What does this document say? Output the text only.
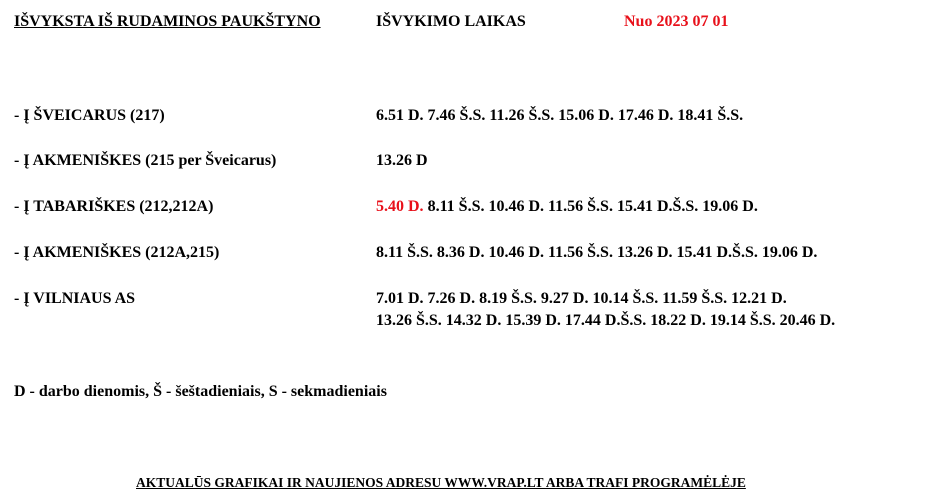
IŠVYKSTA IŠ RUDAMINOS PAUKŠTYNO	IŠVYKIMO LAIKAS	Nuo 2023 07 01
- Į ŠVEICARUS (217)	6.51 D. 7.46 Š.S. 11.26 Š.S. 15.06 D. 17.46 D. 18.41 Š.S.
- Į AKMENIŠKES (215 per Šveicarus)	13.26 D
- Į TABARIŠKES (212,212A)	5.40 D. 8.11 Š.S. 10.46 D. 11.56 Š.S. 15.41 D.Š.S. 19.06 D.
- Į AKMENIŠKES (212A,215)	8.11 Š.S. 8.36 D. 10.46 D. 11.56 Š.S. 13.26 D. 15.41 D.Š.S. 19.06 D.
- Į VILNIAUS AS	7.01 D. 7.26 D. 8.19 Š.S. 9.27 D. 10.14 Š.S. 11.59 Š.S. 12.21 D.
13.26 Š.S. 14.32 D. 15.39 D. 17.44 D.Š.S. 18.22 D. 19.14 Š.S. 20.46 D.
D - darbo dienomis, Š - šeštadieniais, S - sekmadieniais
AKTUALŪS GRAFIKAI IR NAUJIENOS ADRESU WWW.VRAP.LT ARBA TRAFI PROGRAMĖLĖJE
